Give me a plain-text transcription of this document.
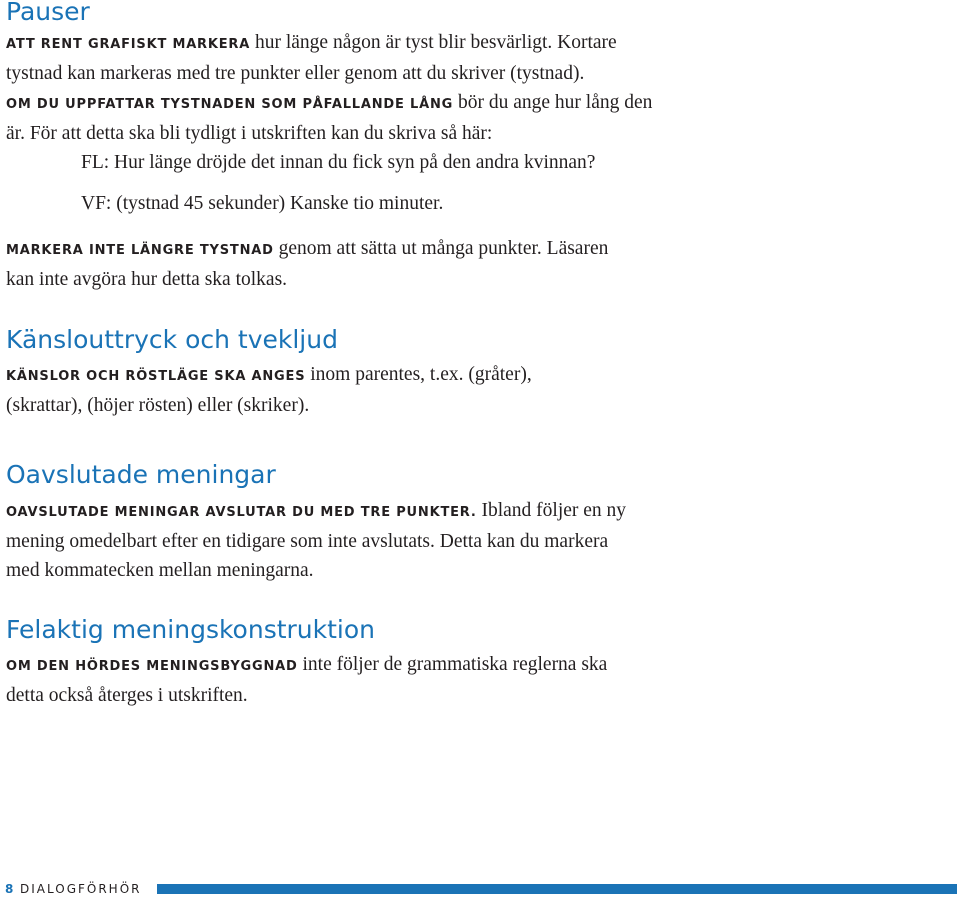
Pauser

ATT RENT GRAFISKT MARKERA hur länge någon är tyst blir besvärligt. Kortare tystnad kan markeras med tre punkter eller genom att du skriver (tystnad).

OM DU UPPFATTAR TYSTNADEN SOM PÅFALLANDE LÅNG bör du ange hur lång den är. För att detta ska bli tydligt i utskriften kan du skriva så här:

FL: Hur länge dröjde det innan du fick syn på den andra kvinnan?

VF: (tystnad 45 sekunder) Kanske tio minuter.

MARKERA INTE LÄNGRE TYSTNAD genom att sätta ut många punkter. Läsaren kan inte avgöra hur detta ska tolkas.

Känslouttryck och tvekljud

KÄNSLOR OCH RÖSTLÄGE SKA ANGES inom parentes, t.ex. (gråter), (skrattar), (höjer rösten) eller (skriker).

Oavslutade meningar

OAVSLUTADE MENINGAR AVSLUTAR DU MED TRE PUNKTER. Ibland följer en ny mening omedelbart efter en tidigare som inte avslutats. Detta kan du markera med kommatecken mellan meningarna.

Felaktig meningskonstruktion

OM DEN HÖRDES MENINGSBYGGNAD inte följer de grammatiska reglerna ska detta också återges i utskriften.

8 DIALOGFÖRHÖR
